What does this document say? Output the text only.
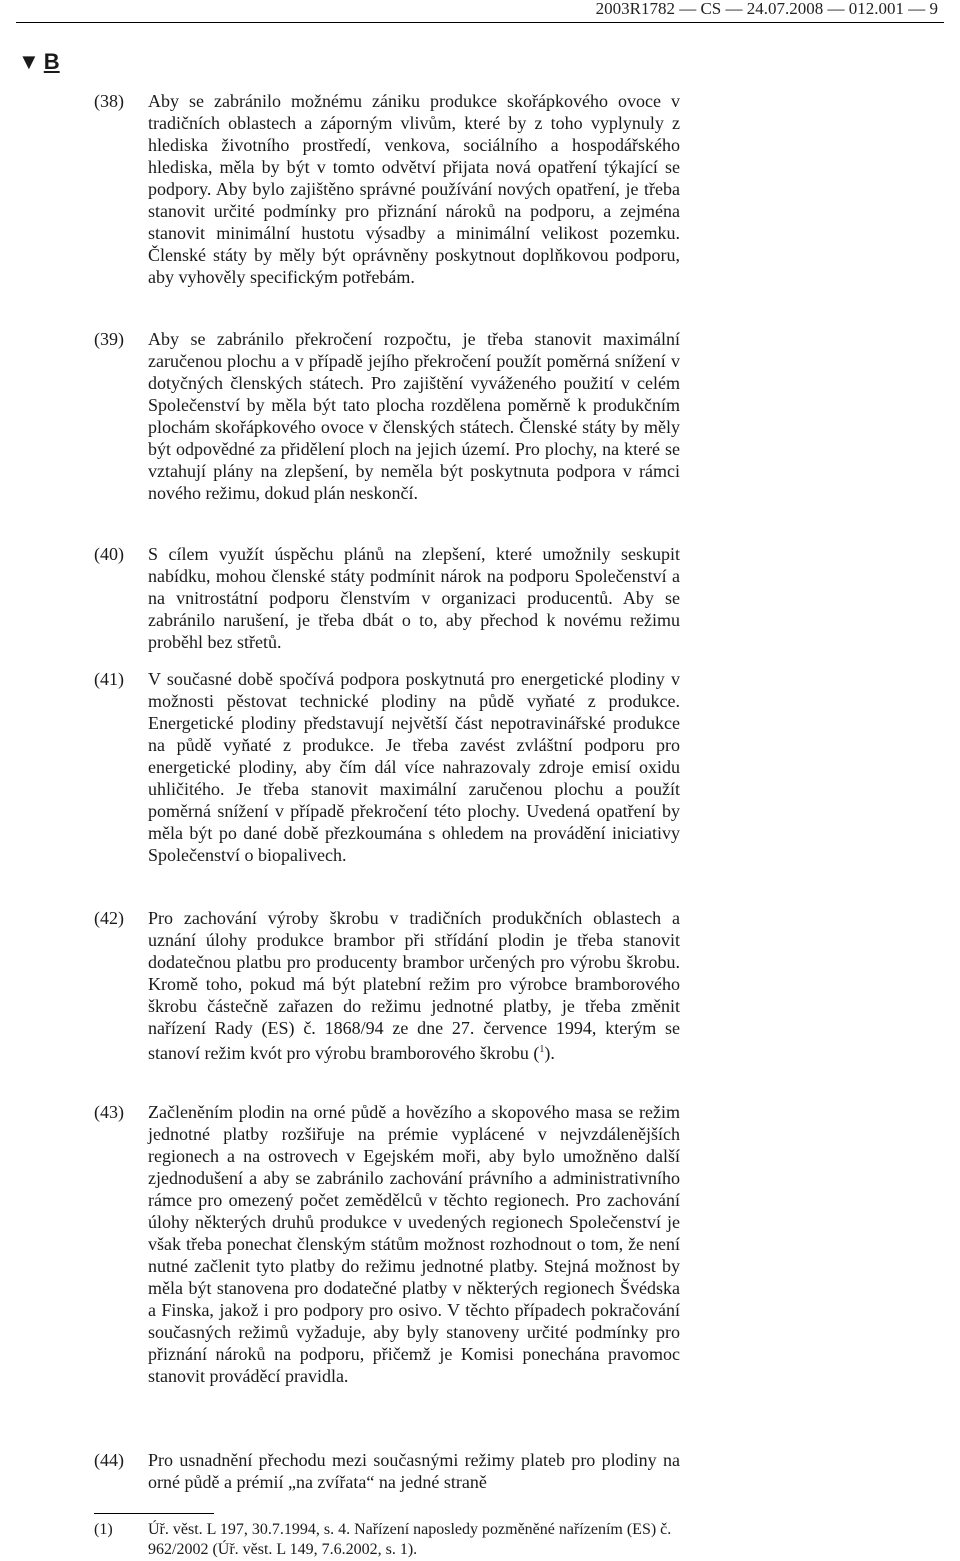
2003R1782 — CS — 24.07.2008 — 012.001 — 9
▼ B
(38)	Aby se zabránilo možnému zániku produkce skořápkového ovoce v tradičních oblastech a záporným vlivům, které by z toho vyplynuly z hlediska životního prostředí, venkova, sociálního a hospodářského hlediska, měla by být v tomto odvětví přijata nová opatření týkající se podpory. Aby bylo zajištěno správné používání nových opatření, je třeba stanovit určité podmínky pro přiznání nároků na podporu, a zejména stanovit minimální hustotu výsadby a minimální velikost pozemku. Členské státy by měly být oprávněny poskytnout doplňkovou podporu, aby vyhověly specifickým potřebám.
(39)	Aby se zabránilo překročení rozpočtu, je třeba stanovit maximální zaručenou plochu a v případě jejího překročení použít poměrná snížení v dotyčných členských státech. Pro zajištění vyváženého použití v celém Společenství by měla být tato plocha rozdělena poměrně k produkčním plochám skořápkového ovoce v členských státech. Členské státy by měly být odpovědné za přidělení ploch na jejich území. Pro plochy, na které se vztahují plány na zlepšení, by neměla být poskytnuta podpora v rámci nového režimu, dokud plán neskončí.
(40)	S cílem využít úspěchu plánů na zlepšení, které umožnily seskupit nabídku, mohou členské státy podmínit nárok na podporu Společenství a na vnitrostátní podporu členstvím v organizaci producentů. Aby se zabránilo narušení, je třeba dbát o to, aby přechod k novému režimu proběhl bez střetů.
(41)	V současné době spočívá podpora poskytnutá pro energetické plodiny v možnosti pěstovat technické plodiny na půdě vyňaté z produkce. Energetické plodiny představují největší část nepotravinářské produkce na půdě vyňaté z produkce. Je třeba zavést zvláštní podporu pro energetické plodiny, aby čím dál více nahrazovaly zdroje emisí oxidu uhličitého. Je třeba stanovit maximální zaručenou plochu a použít poměrná snížení v případě překročení této plochy. Uvedená opatření by měla být po dané době přezkoumána s ohledem na provádění iniciativy Společenství o biopalivech.
(42)	Pro zachování výroby škrobu v tradičních produkčních oblastech a uznání úlohy produkce brambor při střídání plodin je třeba stanovit dodatečnou platbu pro producenty brambor určených pro výrobu škrobu. Kromě toho, pokud má být platební režim pro výrobce bramborového škrobu částečně zařazen do režimu jednotné platby, je třeba změnit nařízení Rady (ES) č. 1868/94 ze dne 27. července 1994, kterým se stanoví režim kvót pro výrobu bramborového škrobu ($^1$).
(43)	Začleněním plodin na orné půdě a hovězího a skopového masa se režim jednotné platby rozšiřuje na prémie vyplácené v nejvzdálenějších regionech a na ostrovech v Egejském moři, aby bylo umožněno další zjednodušení a aby se zabránilo zachování právního a administrativního rámce pro omezený počet zemědělců v těchto regionech. Pro zachování úlohy některých druhů produkce v uvedených regionech Společenství je však třeba ponechat členským státům možnost rozhodnout o tom, že není nutné začlenit tyto platby do režimu jednotné platby. Stejná možnost by měla být stanovena pro dodatečné platby v některých regionech Švédska a Finska, jakož i pro podpory pro osivo. V těchto případech pokračování současných režimů vyžaduje, aby byly stanoveny určité podmínky pro přiznání nároků na podporu, přičemž je Komisi ponechána pravomoc stanovit prováděcí pravidla.
(44)	Pro usnadnění přechodu mezi současnými režimy plateb pro plodiny na orné půdě a prémií „na zvířata“ na jedné straně
(1) Úř. věst. L 197, 30.7.1994, s. 4. Nařízení naposledy pozměněné nařízením (ES) č. 962/2002 (Úř. věst. L 149, 7.6.2002, s. 1).
